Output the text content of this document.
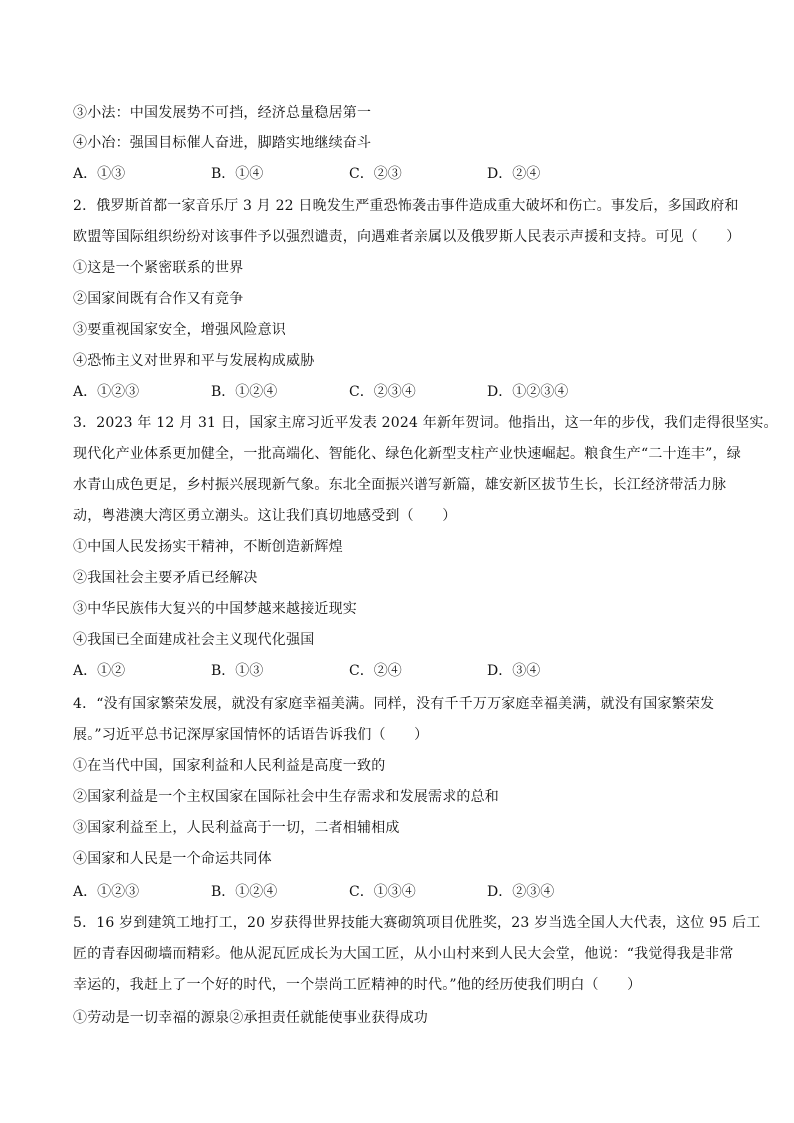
③小法：中国发展势不可挡，经济总量稳居第一
④小冶：强国目标催人奋进，脚踏实地继续奋斗
A．①③	B．①④	C．②③	D．②④
2．俄罗斯首都一家音乐厅 3 月 22 日晚发生严重恐怖袭击事件造成重大破坏和伤亡。事发后，多国政府和
欧盟等国际组织纷纷对该事件予以强烈谴责，向遇难者亲属以及俄罗斯人民表示声援和支持。可见（　　）
①这是一个紧密联系的世界
②国家间既有合作又有竞争
③要重视国家安全，增强风险意识
④恐怖主义对世界和平与发展构成威胁
A．①②③	B．①②④	C．②③④	D．①②③④
3．2023 年 12 月 31 日，国家主席习近平发表 2024 年新年贺词。他指出，这一年的步伐，我们走得很坚实。
现代化产业体系更加健全，一批高端化、智能化、绿色化新型支柱产业快速崛起。粮食生产“二十连丰”，绿
水青山成色更足，乡村振兴展现新气象。东北全面振兴谱写新篇，雄安新区拔节生长，长江经济带活力脉
动，粤港澳大湾区勇立潮头。这让我们真切地感受到（　　）
①中国人民发扬实干精神，不断创造新辉煌
②我国社会主要矛盾已经解决
③中华民族伟大复兴的中国梦越来越接近现实
④我国已全面建成社会主义现代化强国
A．①②	B．①③	C．②④	D．③④
4．“没有国家繁荣发展，就没有家庭幸福美满。同样，没有千千万万家庭幸福美满，就没有国家繁荣发
展。”习近平总书记深厚家国情怀的话语告诉我们（　　）
①在当代中国，国家利益和人民利益是高度一致的
②国家利益是一个主权国家在国际社会中生存需求和发展需求的总和
③国家利益至上，人民利益高于一切，二者相辅相成
④国家和人民是一个命运共同体
A．①②③	B．①②④	C．①③④	D．②③④
5．16 岁到建筑工地打工，20 岁获得世界技能大赛砌筑项目优胜奖，23 岁当选全国人大代表，这位 95 后工
匠的青春因砌墙而精彩。他从泥瓦匠成长为大国工匠，从小山村来到人民大会堂，他说：“我觉得我是非常
幸运的，我赶上了一个好的时代，一个崇尚工匠精神的时代。”他的经历使我们明白（　　）
①劳动是一切幸福的源泉②承担责任就能使事业获得成功
